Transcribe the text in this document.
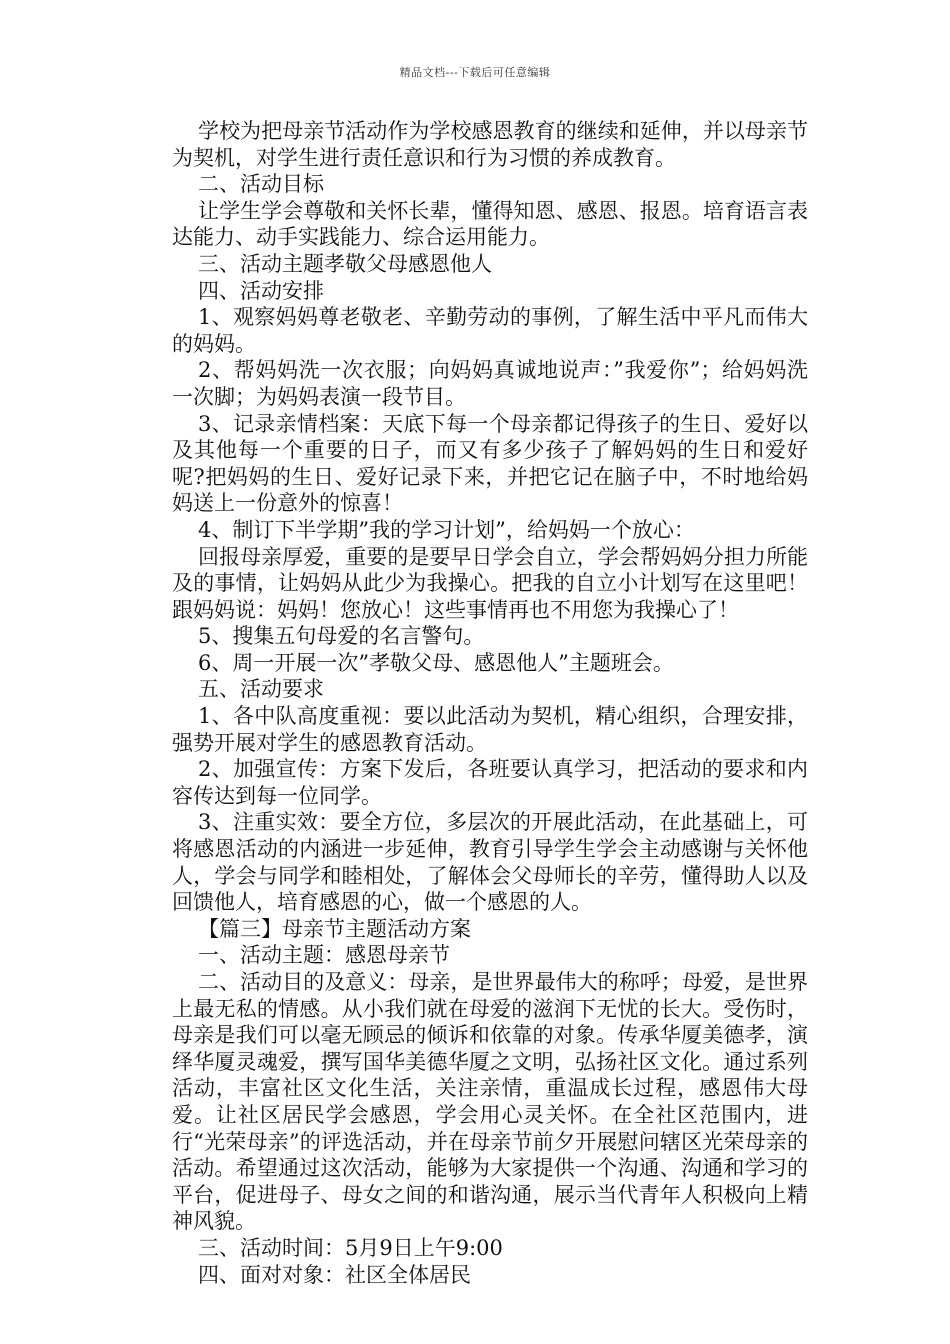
精品文档---下载后可任意编辑

学校为把母亲节活动作为学校感恩教育的继续和延伸，并以母亲节为契机，对学生进行责任意识和行为习惯的养成教育。

二、活动目标

让学生学会尊敬和关怀长辈，懂得知恩、感恩、报恩。培育语言表达能力、动手实践能力、综合运用能力。

三、活动主题孝敬父母感恩他人

四、活动安排

1、观察妈妈尊老敬老、辛勤劳动的事例，了解生活中平凡而伟大的妈妈。

2、帮妈妈洗一次衣服；向妈妈真诚地说声：”我爱你”；给妈妈洗一次脚；为妈妈表演一段节目。

3、记录亲情档案：天底下每一个母亲都记得孩子的生日、爱好以及其他每一个重要的日子，而又有多少孩子了解妈妈的生日和爱好呢?把妈妈的生日、爱好记录下来，并把它记在脑子中，不时地给妈妈送上一份意外的惊喜！

4、制订下半学期”我的学习计划”，给妈妈一个放心：

回报母亲厚爱，重要的是要早日学会自立，学会帮妈妈分担力所能及的事情，让妈妈从此少为我操心。把我的自立小计划写在这里吧！跟妈妈说：妈妈！您放心！这些事情再也不用您为我操心了！

5、搜集五句母爱的名言警句。

6、周一开展一次”孝敬父母、感恩他人”主题班会。

五、活动要求

1、各中队高度重视：要以此活动为契机，精心组织，合理安排，强势开展对学生的感恩教育活动。

2、加强宣传：方案下发后，各班要认真学习，把活动的要求和内容传达到每一位同学。

3、注重实效：要全方位，多层次的开展此活动，在此基础上，可将感恩活动的内涵进一步延伸，教育引导学生学会主动感谢与关怀他人，学会与同学和睦相处，了解体会父母师长的辛劳，懂得助人以及回馈他人，培育感恩的心，做一个感恩的人。

【篇三】母亲节主题活动方案

一、活动主题：感恩母亲节

二、活动目的及意义：母亲，是世界最伟大的称呼；母爱，是世界上最无私的情感。从小我们就在母爱的滋润下无忧的长大。受伤时，母亲是我们可以毫无顾忌的倾诉和依靠的对象。传承华厦美德孝，演绎华厦灵魂爱，撰写国华美德华厦之文明，弘扬社区文化。通过系列活动，丰富社区文化生活，关注亲情，重温成长过程，感恩伟大母爱。让社区居民学会感恩，学会用心灵关怀。在全社区范围内，进行“光荣母亲”的评选活动，并在母亲节前夕开展慰问辖区光荣母亲的活动。希望通过这次活动，能够为大家提供一个沟通、沟通和学习的平台，促进母子、母女之间的和谐沟通，展示当代青年人积极向上精神风貌。

三、活动时间：5月9日上午9:00

四、面对对象：社区全体居民
